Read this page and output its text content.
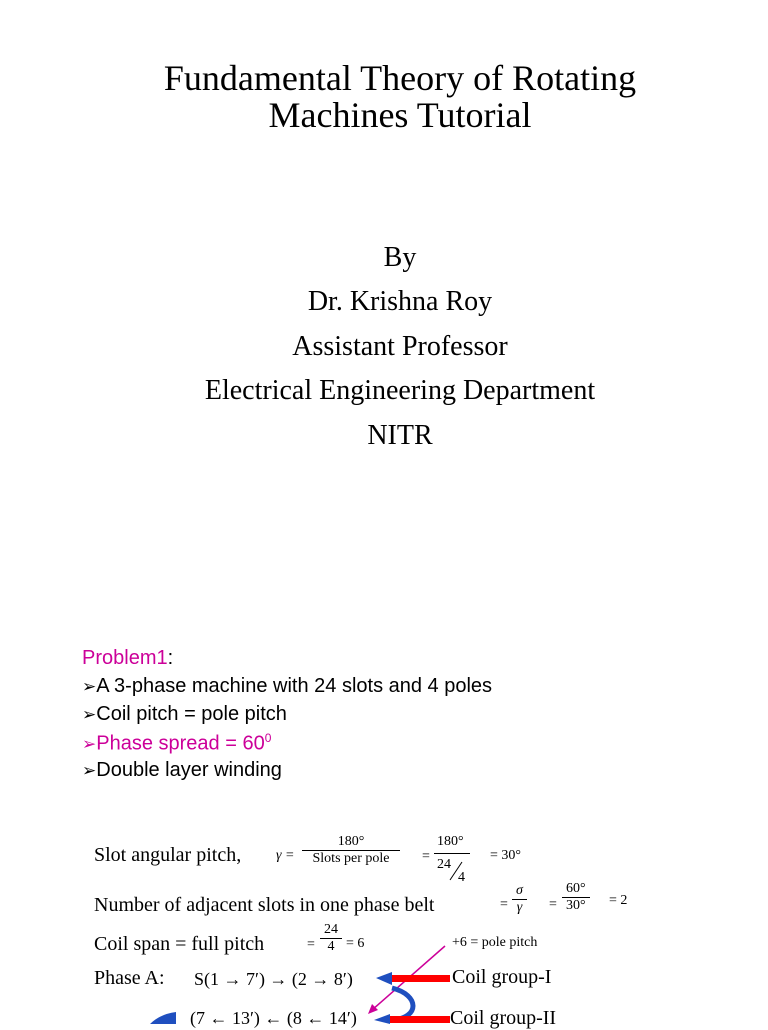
Fundamental Theory of Rotating
Machines Tutorial
By
Dr. Krishna Roy
Assistant Professor
Electrical Engineering Department
NITR
Problem1:
➢A 3-phase machine with 24 slots and 4 poles
➢Coil pitch = pole pitch
➢Phase spread = $60^0$
➢Double layer winding
Slot angular pitch, γ =
180°
Slots per pole =
180°
24
4
= 30°
Number of adjacent slots in one phase belt	= $\frac{\sigma}{\gamma} = \frac{60^\circ}{30^\circ} = 2$
Coil span = full pitch	= $\frac{24}{4} = 6$	+6 = pole pitch
Phase A: S(1 → 7′) → (2 → 8′)	Coil group-I
(7 ← 13′) ← (8 ← 14′)	Coil group-II
